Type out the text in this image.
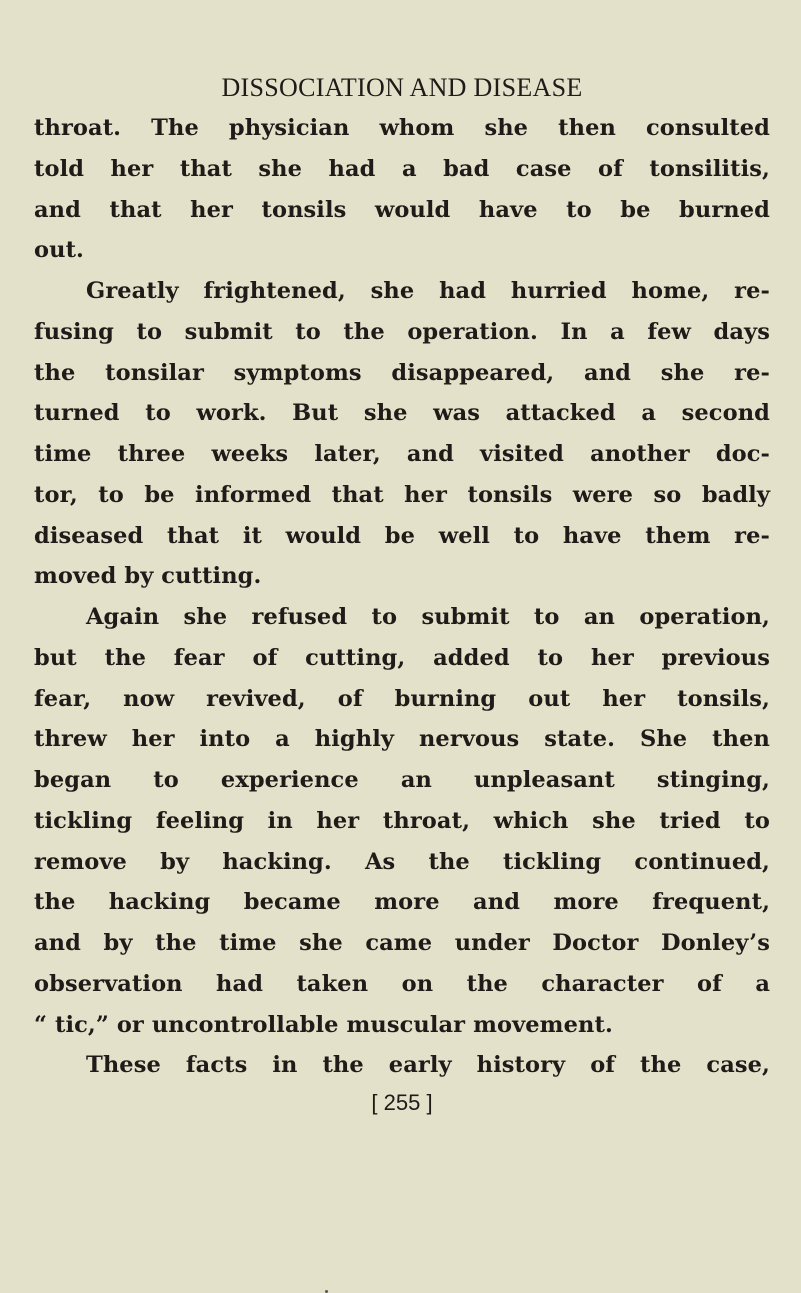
DISSOCIATION AND DISEASE
throat. The physician whom she then consulted
told her that she had a bad case of tonsilitis,
and that her tonsils would have to be burned
out.
Greatly frightened, she had hurried home, re-
fusing to submit to the operation. In a few days
the tonsilar symptoms disappeared, and she re-
turned to work. But she was attacked a second
time three weeks later, and visited another doc-
tor, to be informed that her tonsils were so badly
diseased that it would be well to have them re-
moved by cutting.
Again she refused to submit to an operation,
but the fear of cutting, added to her previous
fear, now revived, of burning out her tonsils,
threw her into a highly nervous state. She then
began to experience an unpleasant stinging,
tickling feeling in her throat, which she tried to
remove by hacking. As the tickling continued,
the hacking became more and more frequent,
and by the time she came under Doctor Donley’s
observation had taken on the character of a
“ tic,” or uncontrollable muscular movement.
These facts in the early history of the case,
[ 255 ]
